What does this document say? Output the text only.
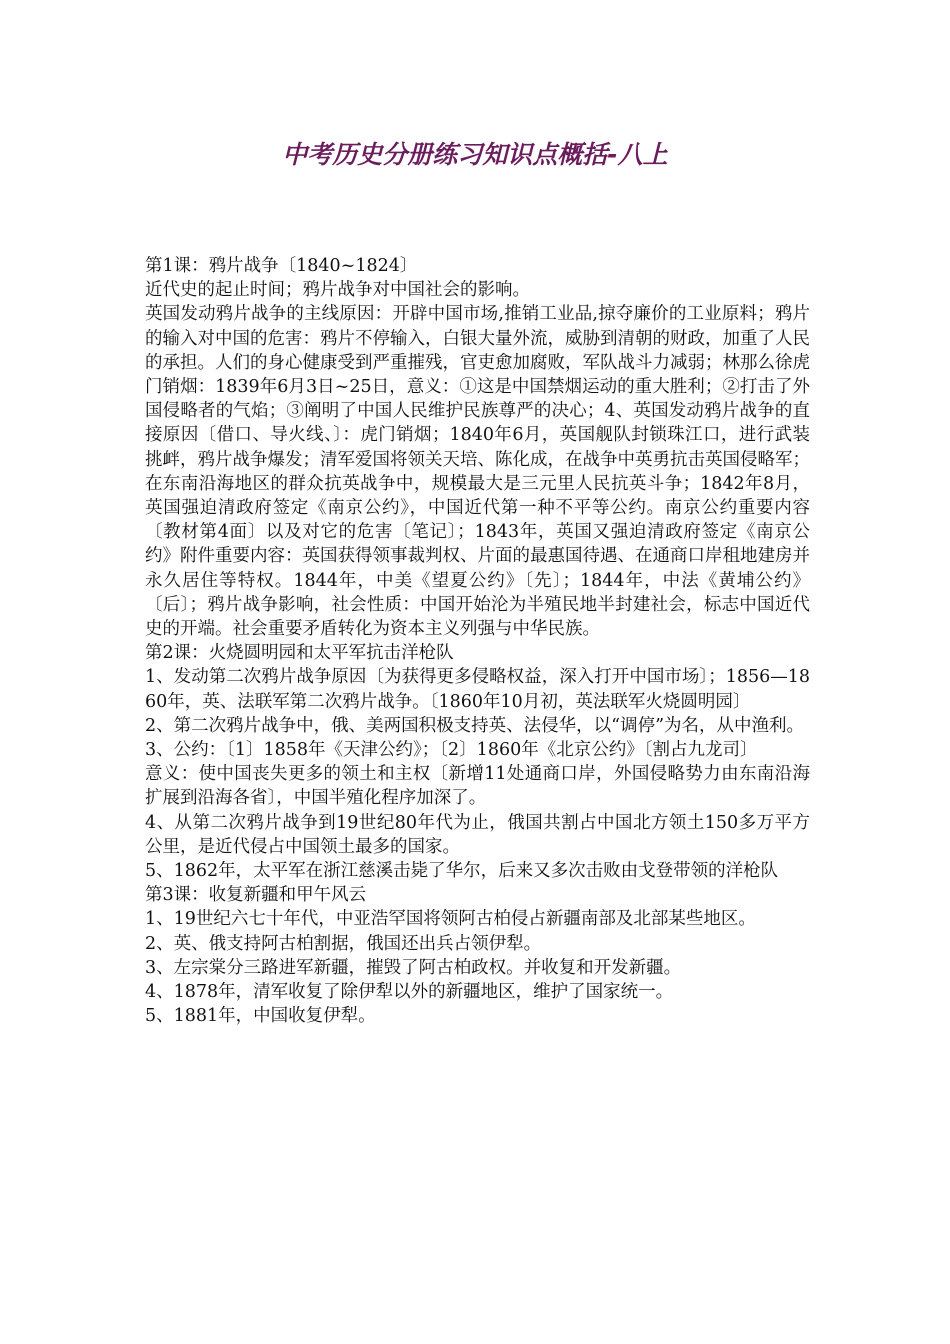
中考历史分册练习知识点概括-八上

第1课：鸦片战争〔1840~1824〕

近代史的起止时间；鸦片战争对中国社会的影响。

英国发动鸦片战争的主线原因：开辟中国市场,推销工业品,掠夺廉价的工业原料；鸦片的输入对中国的危害：鸦片不停输入，白银大量外流，威胁到清朝的财政，加重了人民的承担。人们的身心健康受到严重摧残，官吏愈加腐败，军队战斗力减弱；林那么徐虎门销烟：1839年6月3日~25日，意义：①这是中国禁烟运动的重大胜利；②打击了外国侵略者的气焰；③阐明了中国人民维护民族尊严的决心；4、英国发动鸦片战争的直接原因〔借口、导火线、〕：虎门销烟；1840年6月，英国舰队封锁珠江口，进行武装挑衅，鸦片战争爆发；清军爱国将领关天培、陈化成，在战争中英勇抗击英国侵略军；在东南沿海地区的群众抗英战争中，规模最大是三元里人民抗英斗争；1842年8月，英国强迫清政府签定《南京公约》，中国近代第一种不平等公约。南京公约重要内容〔教材第4面〕以及对它的危害〔笔记〕；1843年，英国又强迫清政府签定《南京公约》附件重要内容：英国获得领事裁判权、片面的最惠国待遇、在通商口岸租地建房并永久居住等特权。1844年，中美《望夏公约》〔先〕；1844年，中法《黄埔公约》〔后〕；鸦片战争影响，社会性质：中国开始沦为半殖民地半封建社会，标志中国近代史的开端。社会重要矛盾转化为资本主义列强与中华民族。

第2课：火烧圆明园和太平军抗击洋枪队

1、发动第二次鸦片战争原因〔为获得更多侵略权益，深入打开中国市场〕；1856—1860年，英、法联军第二次鸦片战争。〔1860年10月初，英法联军火烧圆明园〕

2、第二次鸦片战争中，俄、美两国积极支持英、法侵华，以“调停”为名，从中渔利。

3、公约：〔1〕1858年《天津公约》；〔2〕1860年《北京公约》〔割占九龙司〕

意义：使中国丧失更多的领土和主权〔新增11处通商口岸，外国侵略势力由东南沿海扩展到沿海各省〕，中国半殖化程序加深了。

4、从第二次鸦片战争到19世纪80年代为止，俄国共割占中国北方领土150多万平方公里，是近代侵占中国领土最多的国家。

5、1862年，太平军在浙江慈溪击毙了华尔，后来又多次击败由戈登带领的洋枪队

第3课：收复新疆和甲午风云

1、19世纪六七十年代，中亚浩罕国将领阿古柏侵占新疆南部及北部某些地区。

2、英、俄支持阿古柏割据，俄国还出兵占领伊犁。

3、左宗棠分三路进军新疆，摧毁了阿古柏政权。并收复和开发新疆。

4、1878年，清军收复了除伊犁以外的新疆地区，维护了国家统一。

5、1881年，中国收复伊犁。
